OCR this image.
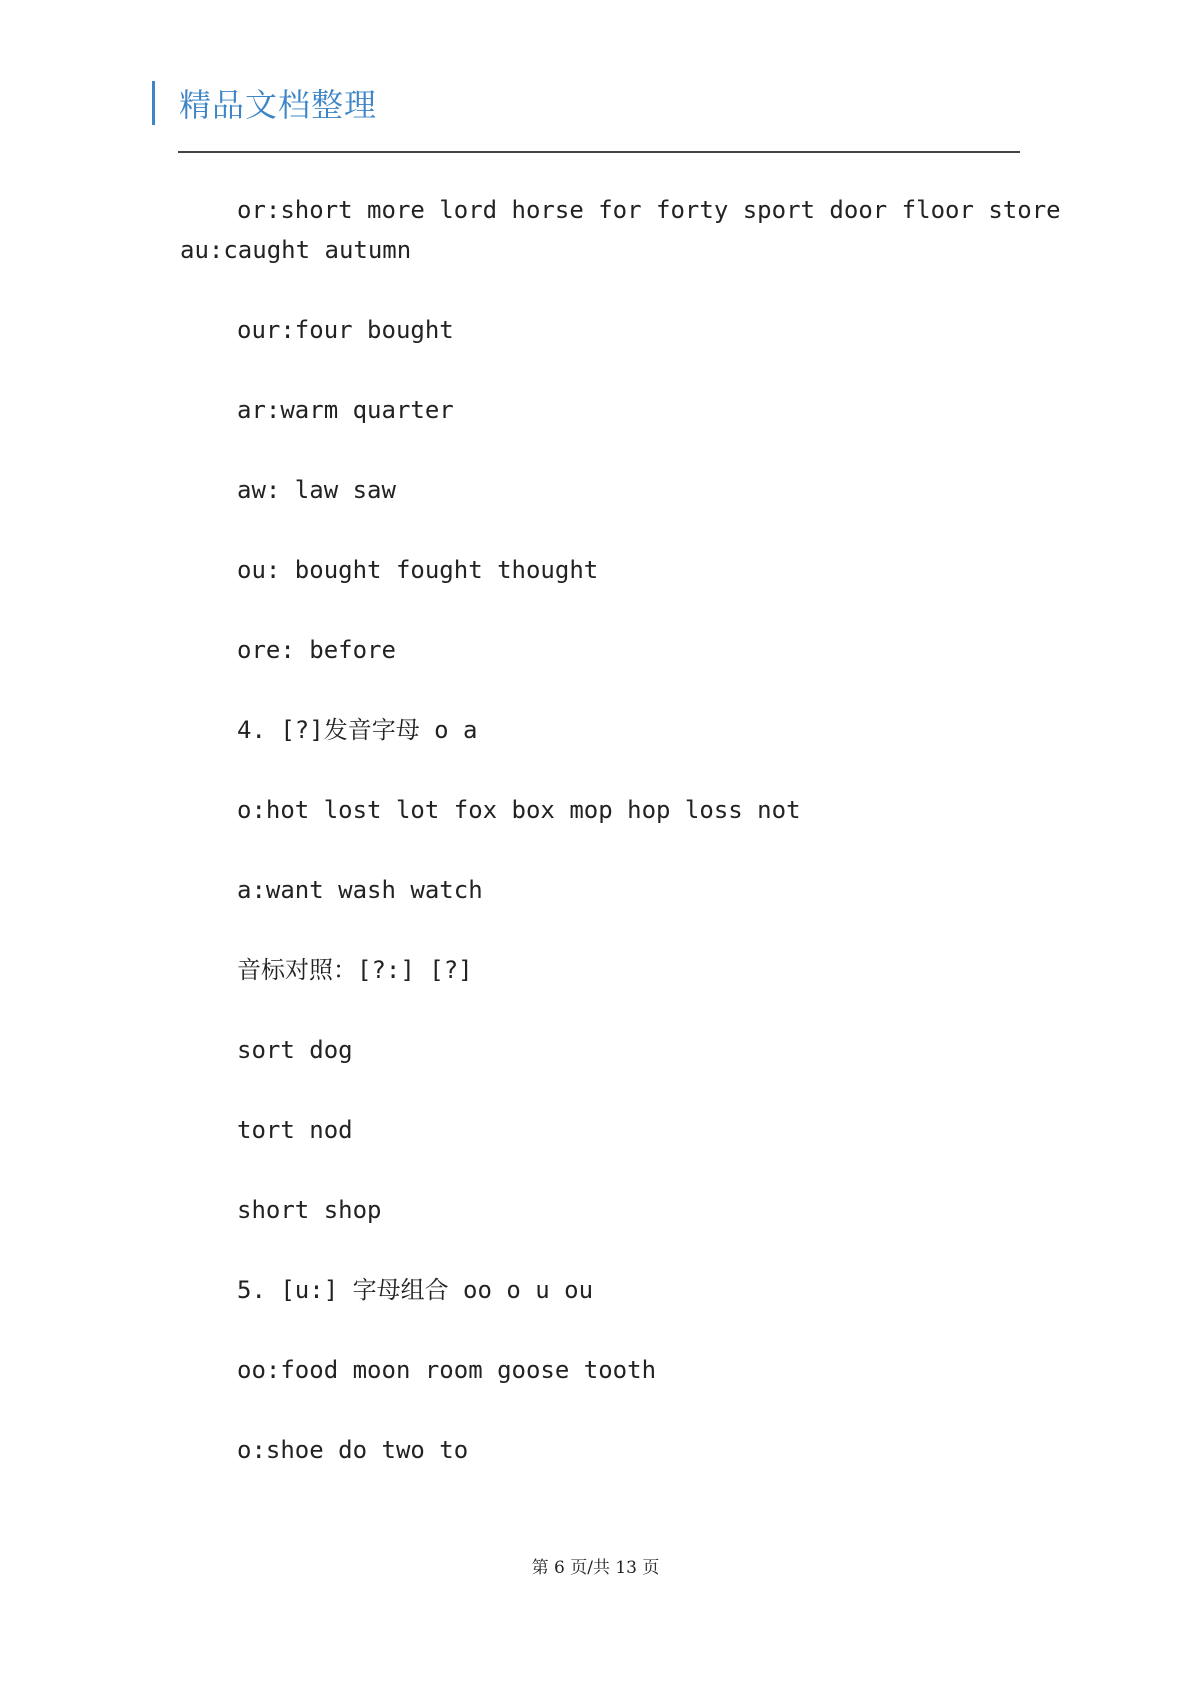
精品文档整理

or:short more lord horse for forty sport door floor store

au:caught autumn

our:four bought

ar:warm quarter

aw: law saw

ou: bought fought thought

ore: before

4. [?]发音字母 o a

o:hot lost lot fox box mop hop loss not

a:want wash watch

音标对照：[?:] [?]

sort dog

tort nod

short shop

5. [u:] 字母组合 oo o u ou

oo:food moon room goose tooth

o:shoe do two to

第 6 页/共 13 页
